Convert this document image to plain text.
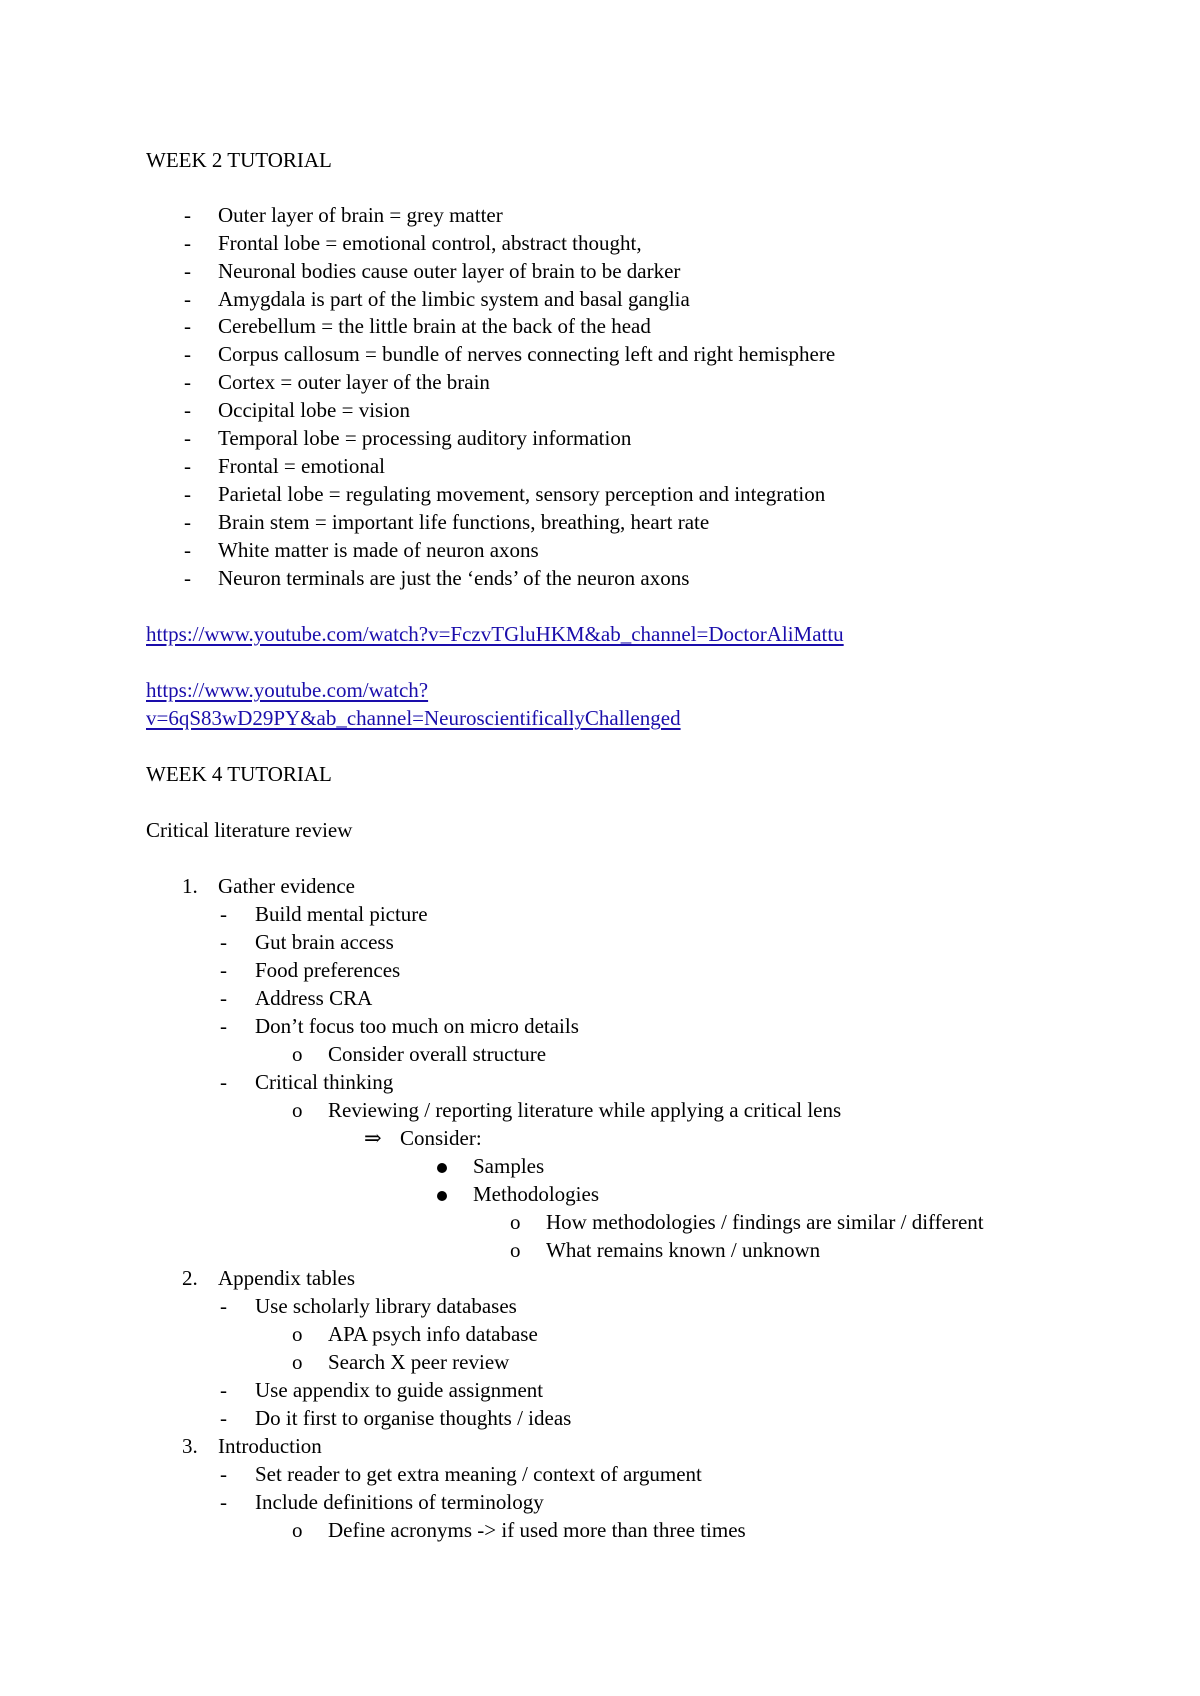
WEEK 2 TUTORIAL
- Outer layer of brain = grey matter
- Frontal lobe = emotional control, abstract thought,
- Neuronal bodies cause outer layer of brain to be darker
- Amygdala is part of the limbic system and basal ganglia
- Cerebellum = the little brain at the back of the head
- Corpus callosum = bundle of nerves connecting left and right hemisphere
- Cortex = outer layer of the brain
- Occipital lobe = vision
- Temporal lobe = processing auditory information
- Frontal = emotional
- Parietal lobe = regulating movement, sensory perception and integration
- Brain stem = important life functions, breathing, heart rate
- White matter is made of neuron axons
- Neuron terminals are just the ‘ends’ of the neuron axons
https://www.youtube.com/watch?v=FczvTGluHKM&ab_channel=DoctorAliMattu
https://www.youtube.com/watch?
v=6qS83wD29PY&ab_channel=NeuroscientificallyChallenged
WEEK 4 TUTORIAL
Critical literature review
1. Gather evidence
- Build mental picture
- Gut brain access
- Food preferences
- Address CRA
- Don’t focus too much on micro details
o Consider overall structure
- Critical thinking
o Reviewing / reporting literature while applying a critical lens
⇒ Consider:
Samples
Methodologies
o How methodologies / findings are similar / different
o What remains known / unknown
2. Appendix tables
- Use scholarly library databases
o APA psych info database
o Search X peer review
- Use appendix to guide assignment
- Do it first to organise thoughts / ideas
3. Introduction
- Set reader to get extra meaning / context of argument
- Include definitions of terminology
o Define acronyms -> if used more than three times
